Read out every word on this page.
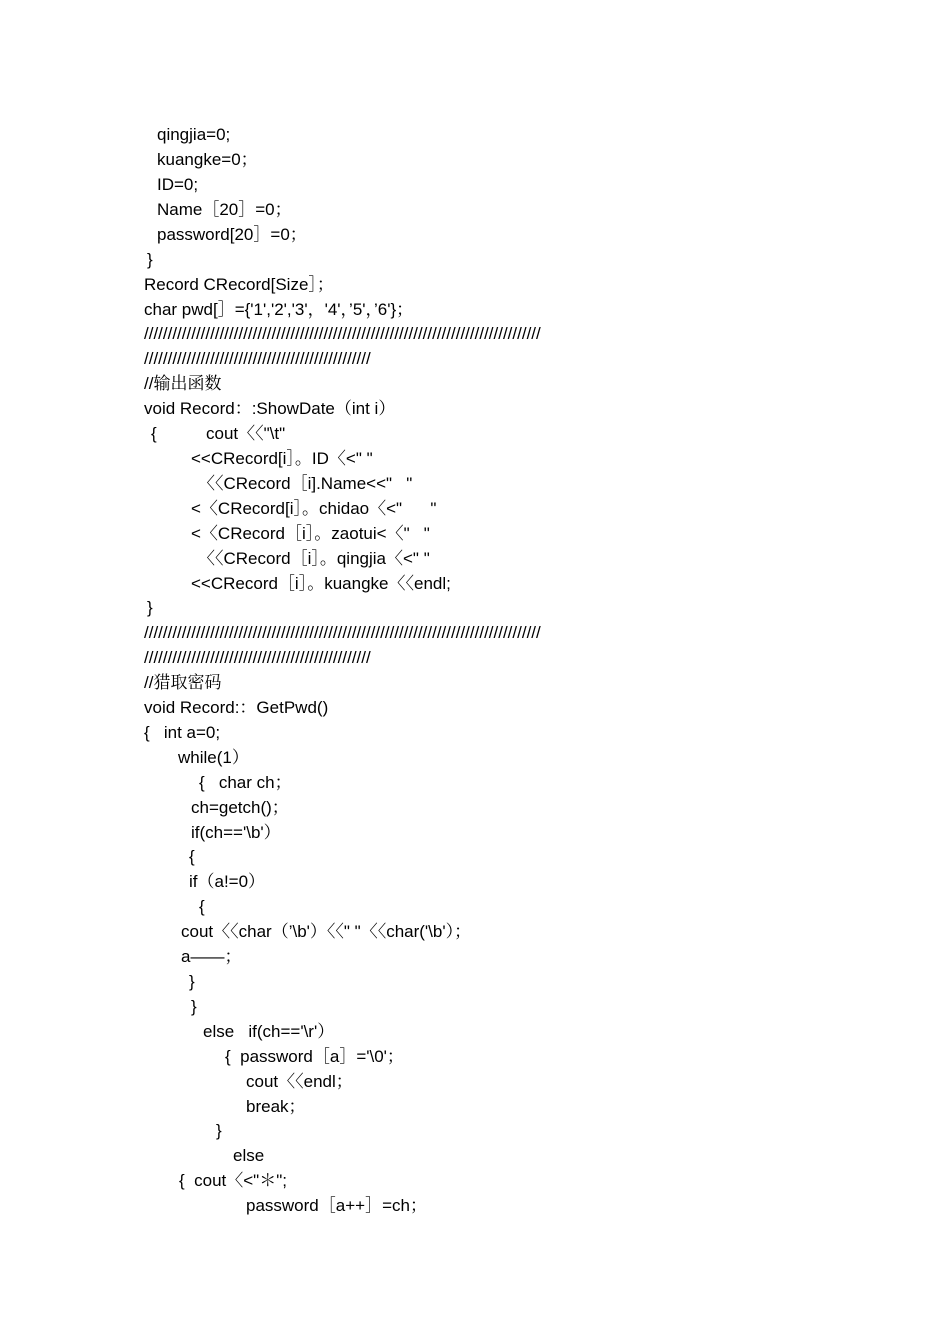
qingjia=0;
kuangke=0；
ID=0;
Name［20］=0；
password[20］=0；
}
Record CRecord[Size］；
char pwd[］={'1','2','3'，'4'，’5'，’6'}；
////////////////////////////////////////////////////////////////////////////////////
////////////////////////////////////////////////
//输出函数
void Record：:ShowDate（int i）
{	cout〈〈"\t"
<<CRecord[i］。ID〈<" "
〈〈CRecord［i].Name<<"   "
<〈CRecord[i］。chidao〈<"      "
<〈CRecord［i］。zaotui<〈"   "
〈〈CRecord［i］。qingjia〈<" "
<<CRecord［i］。kuangke〈〈endl;
}
////////////////////////////////////////////////////////////////////////////////////
////////////////////////////////////////////////
//猎取密码
void Record:：GetPwd()
{   int a=0;
while(1）
{   char ch；
ch=getch()；
if(ch=='\b'）
{
if（a!=0）
{
cout〈〈char（’\b'）〈〈" "〈〈char('\b'）；
a——；
}
}
else   if(ch=='\r'）
{  password［a］='\0'；
cout〈〈endl；
break；
}
else
{  cout〈<"＊";
password［a++］=ch；
